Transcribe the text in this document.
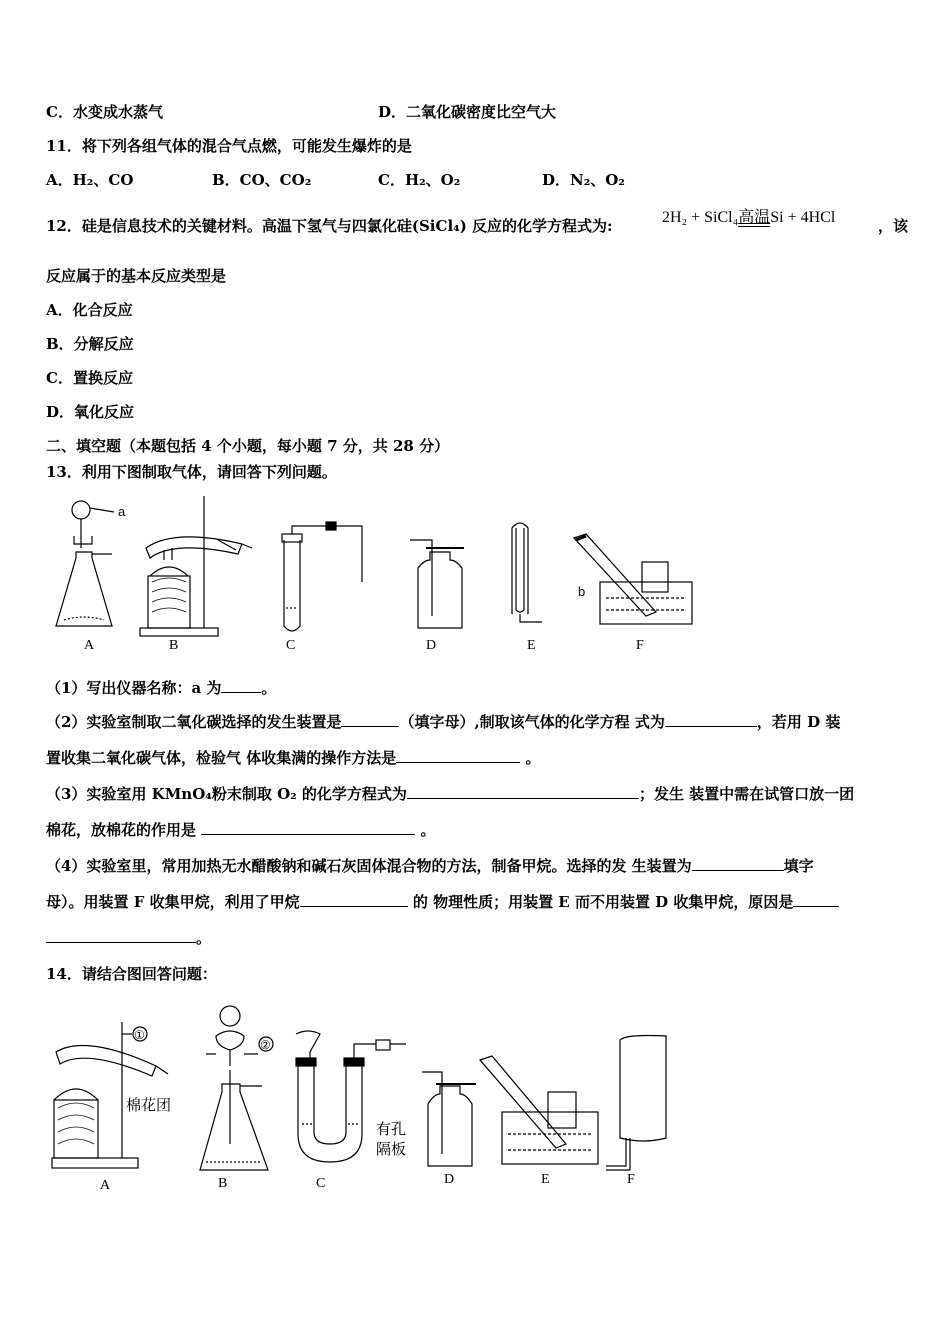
C．水变成水蒸气	D．二氧化碳密度比空气大
11．将下列各组气体的混合气点燃，可能发生爆炸的是
A．H₂、CO	B．CO、CO₂	C．H₂、O₂	D．N₂、O₂
12．硅是信息技术的关键材料。高温下氢气与四氯化硅(SiCl₄) 反应的化学方程式为:	2H₂ + SiCl₄高温Si + 4HCl	，该
反应属于的基本反应类型是
A．化合反应
B．分解反应
C．置换反应
D．氧化反应
二、填空题（本题包括 4 个小题，每小题 7 分，共 28 分）
13．利用下图制取气体，请回答下列问题。
a
b
A	B	C	D	E	F
（1）写出仪器名称：a 为	。
（2）实验室制取二氧化碳选择的发生装置是	（填字母）,制取该气体的化学方程 式为	，若用 D 装
置收集二氧化碳气体，检验气 体收集满的操作方法是	。
（3）实验室用 KMnO₄粉末制取 O₂ 的化学方程式为	；发生 装置中需在试管口放一团
棉花，放棉花的作用是	。
（4）实验室里，常用加热无水醋酸钠和碱石灰固体混合物的方法，制备甲烷。选择的发 生装置为	填字
母）。用装置 F 收集甲烷，利用了甲烷	的 物理性质；用装置 E 而不用装置 D 收集甲烷，原因是
。
14．请结合图回答问题：
①
棉花团
②
有孔
隔板
A	B	C	D	E	F
